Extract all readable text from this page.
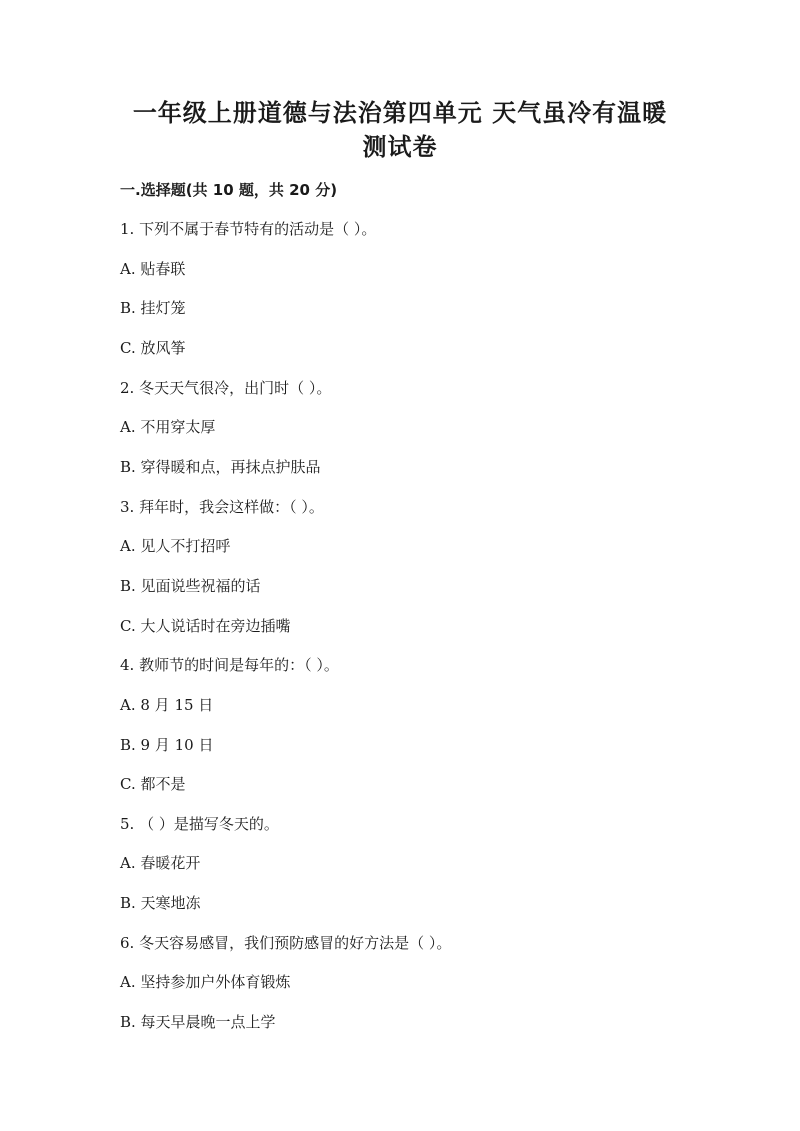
一年级上册道德与法治第四单元 天气虽冷有温暖
测试卷
一.选择题(共 10 题，共 20 分)
1. 下列不属于春节特有的活动是（ ）。
A. 贴春联
B. 挂灯笼
C. 放风筝
2. 冬天天气很冷，出门时（ ）。
A. 不用穿太厚
B. 穿得暖和点，再抹点护肤品
3. 拜年时，我会这样做：（ ）。
A. 见人不打招呼
B. 见面说些祝福的话
C. 大人说话时在旁边插嘴
4. 教师节的时间是每年的：（ ）。
A. 8 月 15 日
B. 9 月 10 日
C. 都不是
5. （ ）是描写冬天的。
A. 春暖花开
B. 天寒地冻
6. 冬天容易感冒，我们预防感冒的好方法是（ ）。
A. 坚持参加户外体育锻炼
B. 每天早晨晚一点上学
